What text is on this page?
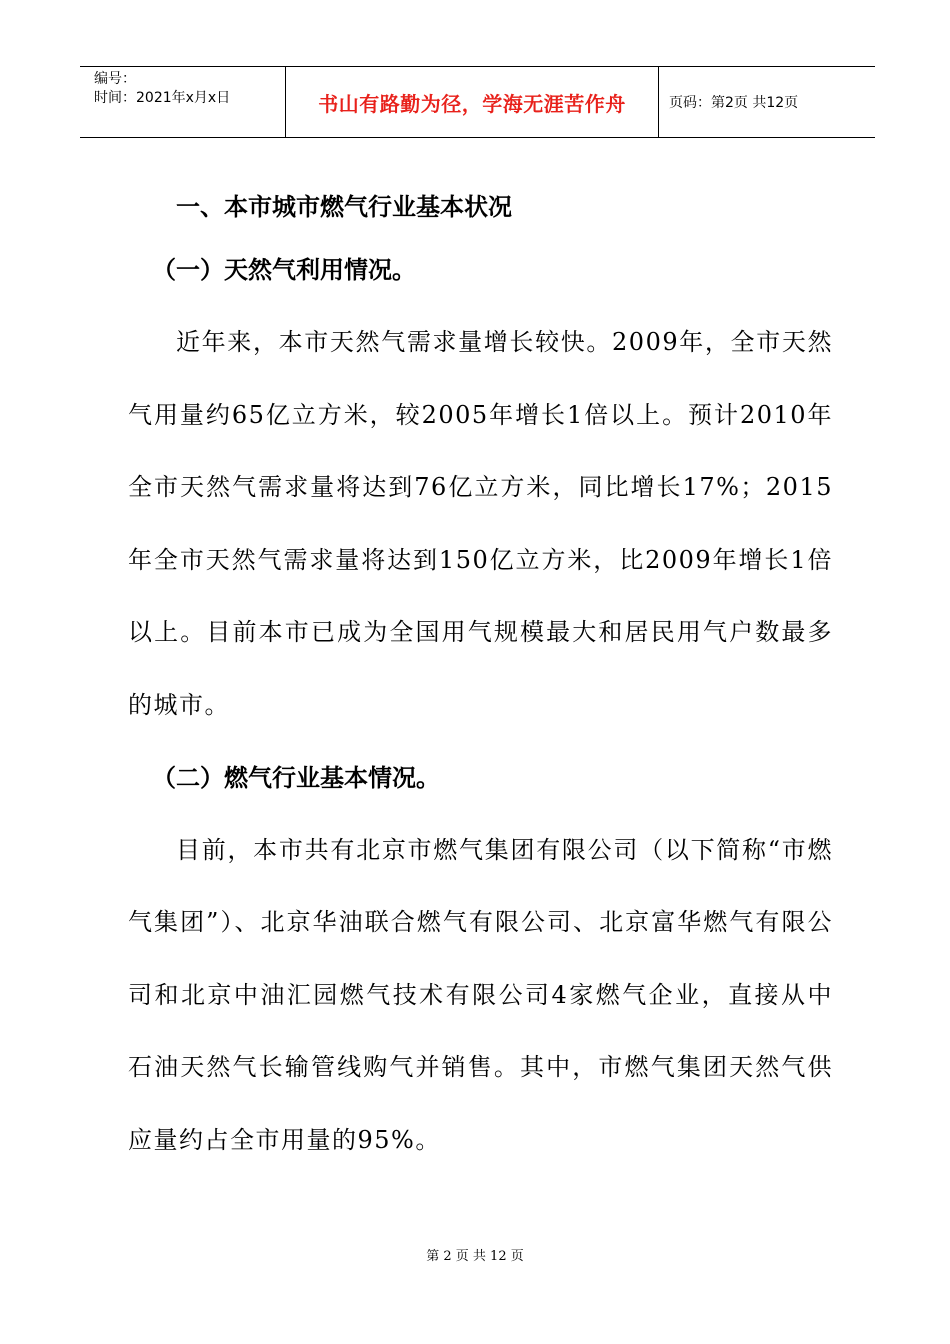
编号：
时间：2021年x月x日	书山有路勤为径，学海无涯苦作舟	页码：第2页 共12页
一、本市城市燃气行业基本状况
（一）天然气利用情况。

近年来，本市天然气需求量增长较快。2009年，全市天然气用量约65亿立方米，较2005年增长1倍以上。预计2010年全市天然气需求量将达到76亿立方米，同比增长17%；2015年全市天然气需求量将达到150亿立方米，比2009年增长1倍以上。目前本市已成为全国用气规模最大和居民用气户数最多的城市。

（二）燃气行业基本情况。

目前，本市共有北京市燃气集团有限公司（以下简称“市燃气集团”）、北京华油联合燃气有限公司、北京富华燃气有限公司和北京中油汇园燃气技术有限公司4家燃气企业，直接从中石油天然气长输管线购气并销售。其中，市燃气集团天然气供应量约占全市用量的95%。

第 2 页 共 12 页
